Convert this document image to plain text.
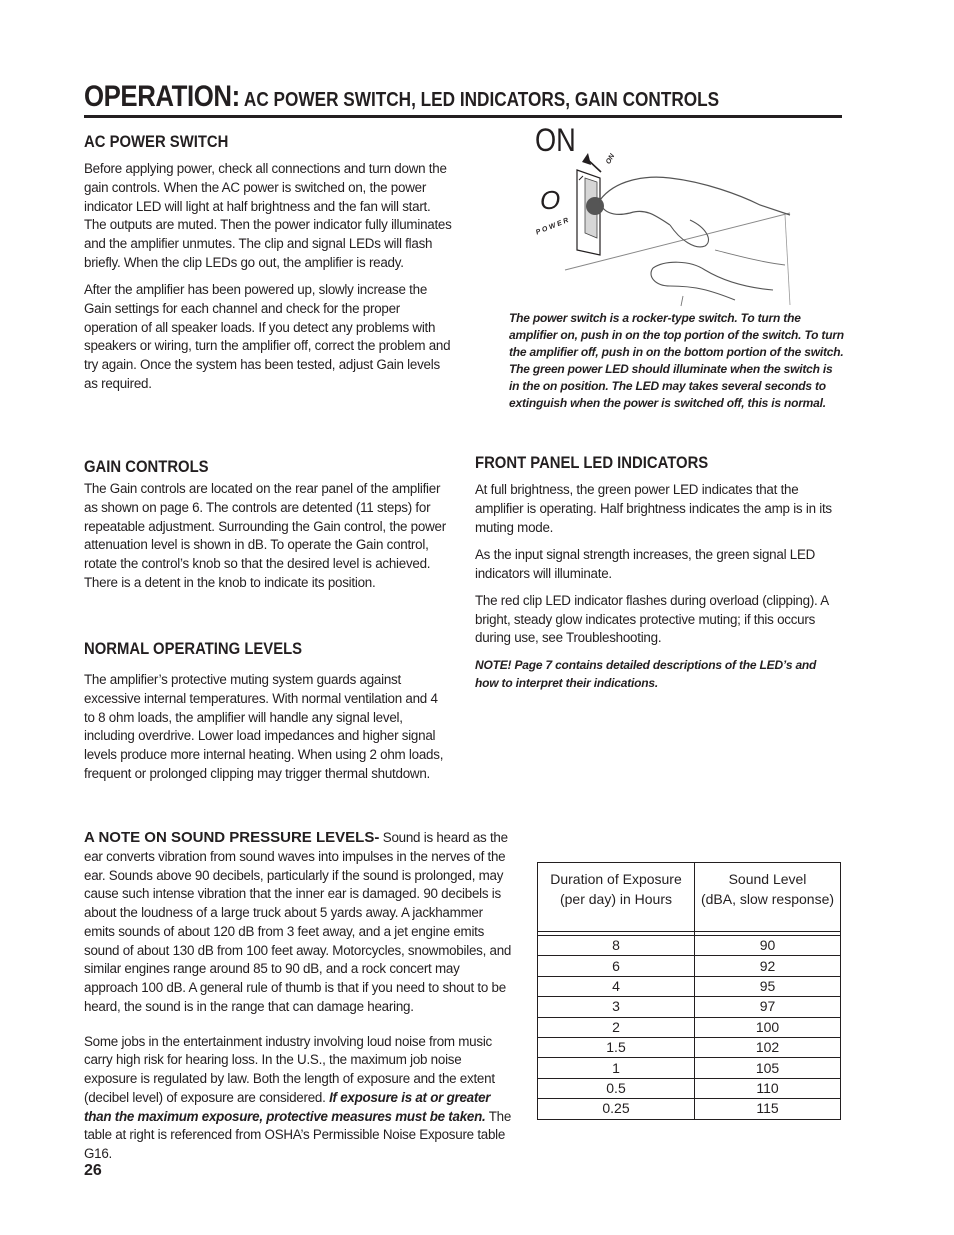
OPERATION: AC POWER SWITCH, LED INDICATORS, GAIN CONTROLS
AC POWER SWITCH

Before applying power, check all connections and turn down the gain controls. When the AC power is switched on, the power indicator LED will light at half brightness and the fan will start. The outputs are muted. Then the power indicator fully illuminates and the amplifier unmutes. The clip and signal LEDs will flash briefly. When the clip LEDs go out, the amplifier is ready.

After the amplifier has been powered up, slowly increase the Gain settings for each channel and check for the proper operation of all speaker loads. If you detect any problems with speakers or wiring, turn the amplifier off, correct the problem and try again. Once the system has been tested, adjust Gain levels as required.

ON
O
ON
POWER
The power switch is a rocker-type switch. To turn the amplifier on, push in on the top portion of the switch. To turn the amplifier off, push in on the bottom portion of the switch. The green power LED should illuminate when the switch is in the on position. The LED may takes several seconds to extinguish when the power is switched off, this is normal.
GAIN CONTROLS

The Gain controls are located on the rear panel of the amplifier as shown on page 6. The controls are detented (11 steps) for repeatable adjustment. Surrounding the Gain control, the power attenuation level is shown in dB. To operate the Gain control, rotate the control’s knob so that the desired level is achieved. There is a detent in the knob to indicate its position.

FRONT PANEL LED INDICATORS

At full brightness, the green power LED indicates that the amplifier is operating. Half brightness indicates the amp is in its muting mode.

As the input signal strength increases, the green signal LED indicators will illuminate.

The red clip LED indicator flashes during overload (clipping). A bright, steady glow indicates protective muting; if this occurs during use, see Troubleshooting.

NOTE! Page 7 contains detailed descriptions of the LED’s and how to interpret their indications.
NORMAL OPERATING LEVELS

The amplifier’s protective muting system guards against excessive internal temperatures. With normal ventilation and 4 to 8 ohm loads, the amplifier will handle any signal level, including overdrive. Lower load impedances and higher signal levels produce more internal heating. When using 2 ohm loads, frequent or prolonged clipping may trigger thermal shutdown.

A NOTE ON SOUND PRESSURE LEVELS- Sound is heard as the ear converts vibration from sound waves into impulses in the nerves of the ear. Sounds above 90 decibels, particularly if the sound is prolonged, may cause such intense vibration that the inner ear is damaged. 90 decibels is about the loudness of a large truck about 5 yards away. A jackhammer emits sounds of about 120 dB from 3 feet away, and a jet engine emits sound of about 130 dB from 100 feet away. Motorcycles, snowmobiles, and similar engines range around 85 to 90 dB, and a rock concert may approach 100 dB. A general rule of thumb is that if you need to shout to be heard, the sound is in the range that can damage hearing.

Some jobs in the entertainment industry involving loud noise from music carry high risk for hearing loss. In the U.S., the maximum job noise exposure is regulated by law. Both the length of exposure and the extent (decibel level) of exposure are considered. If exposure is at or greater than the maximum exposure, protective measures must be taken. The table at right is referenced from OSHA’s Permissible Noise Exposure table G16.

Duration of Exposure
(per day) in Hours	Sound Level
(dBA, slow response)

8	90
6	92
4	95
3	97
2	100
1.5	102
1	105
0.5	110
0.25	115
26
